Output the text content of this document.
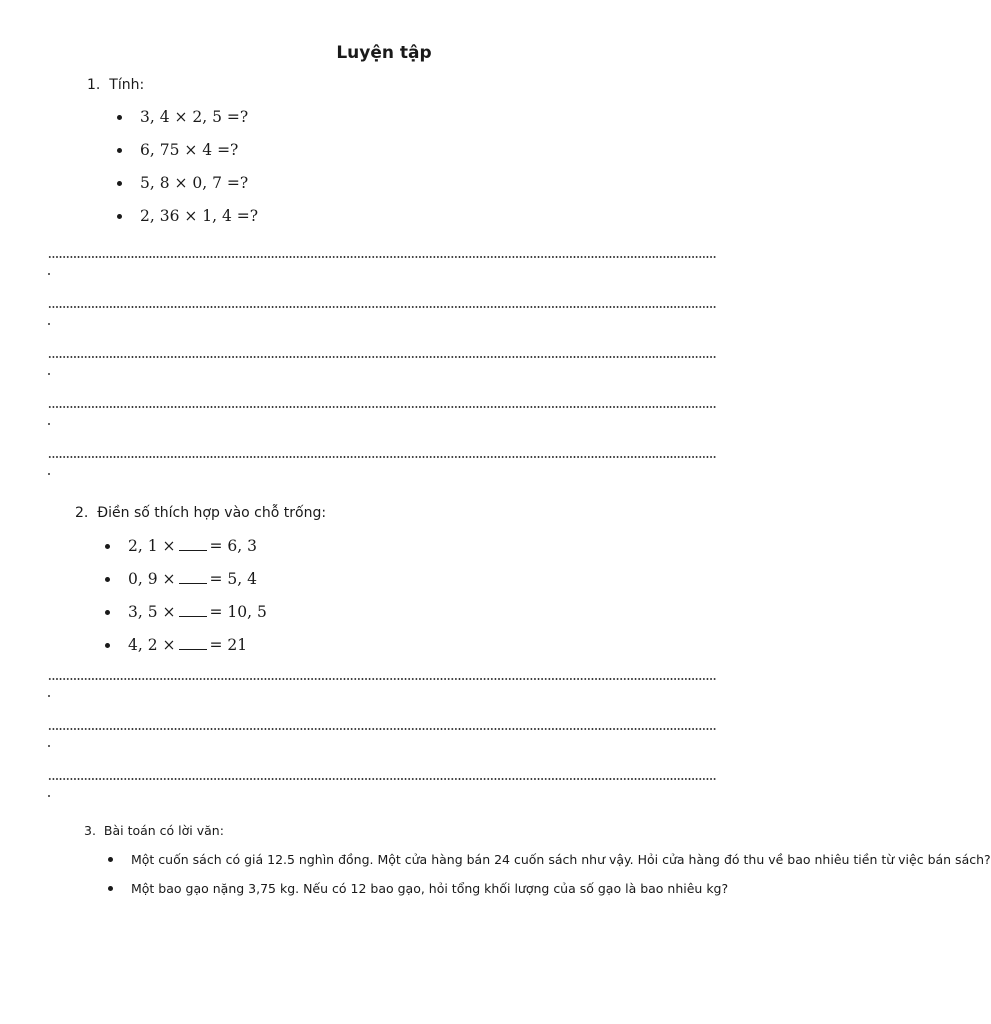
Luyện tập
1. Tính:
3, 4 × 2, 5 =?
6, 75 × 4 =?
5, 8 × 0, 7 =?
2, 36 × 1, 4 =?
2. Điền số thích hợp vào chỗ trống:
2, 1 × = 6, 3
0, 9 × = 5, 4
3, 5 × = 10, 5
4, 2 × = 21
3. Bài toán có lời văn:
Một cuốn sách có giá 12.5 nghìn đồng. Một cửa hàng bán 24 cuốn sách như vậy. Hỏi cửa hàng đó thu về bao nhiêu tiền từ việc bán sách?
Một bao gạo nặng 3,75 kg. Nếu có 12 bao gạo, hỏi tổng khối lượng của số gạo là bao nhiêu kg?
